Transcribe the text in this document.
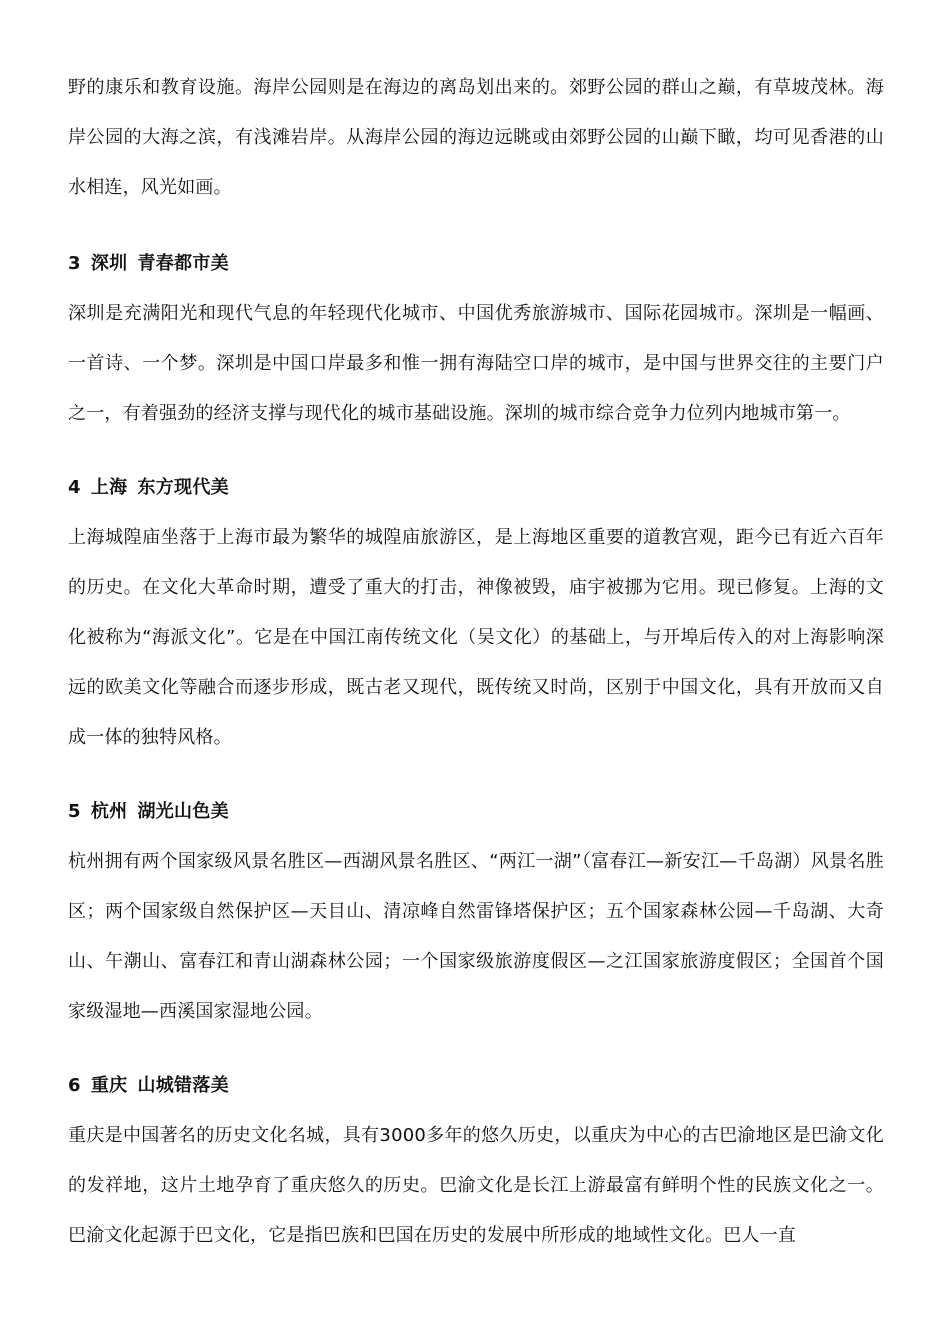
野的康乐和教育设施。海岸公园则是在海边的离岛划出来的。郊野公园的群山之巅，有草坡茂林。海岸公园的大海之滨，有浅滩岩岸。从海岸公园的海边远眺或由郊野公园的山巅下瞰，均可见香港的山水相连，风光如画。

3 深圳 青春都市美

深圳是充满阳光和现代气息的年轻现代化城市、中国优秀旅游城市、国际花园城市。深圳是一幅画、一首诗、一个梦。深圳是中国口岸最多和惟一拥有海陆空口岸的城市，是中国与世界交往的主要门户之一，有着强劲的经济支撑与现代化的城市基础设施。深圳的城市综合竞争力位列内地城市第一。

4 上海 东方现代美

上海城隍庙坐落于上海市最为繁华的城隍庙旅游区，是上海地区重要的道教宫观，距今已有近六百年的历史。在文化大革命时期，遭受了重大的打击，神像被毁，庙宇被挪为它用。现已修复。上海的文化被称为“海派文化”。它是在中国江南传统文化（吴文化）的基础上，与开埠后传入的对上海影响深远的欧美文化等融合而逐步形成，既古老又现代，既传统又时尚，区别于中国文化，具有开放而又自成一体的独特风格。

5 杭州 湖光山色美

杭州拥有两个国家级风景名胜区—西湖风景名胜区、“两江一湖”（富春江—新安江—千岛湖）风景名胜区；两个国家级自然保护区—天目山、清凉峰自然雷锋塔保护区；五个国家森林公园—千岛湖、大奇山、午潮山、富春江和青山湖森林公园；一个国家级旅游度假区—之江国家旅游度假区；全国首个国家级湿地—西溪国家湿地公园。

6 重庆 山城错落美

重庆是中国著名的历史文化名城，具有3000多年的悠久历史，以重庆为中心的古巴渝地区是巴渝文化的发祥地，这片土地孕育了重庆悠久的历史。巴渝文化是长江上游最富有鲜明个性的民族文化之一。巴渝文化起源于巴文化，它是指巴族和巴国在历史的发展中所形成的地域性文化。巴人一直
